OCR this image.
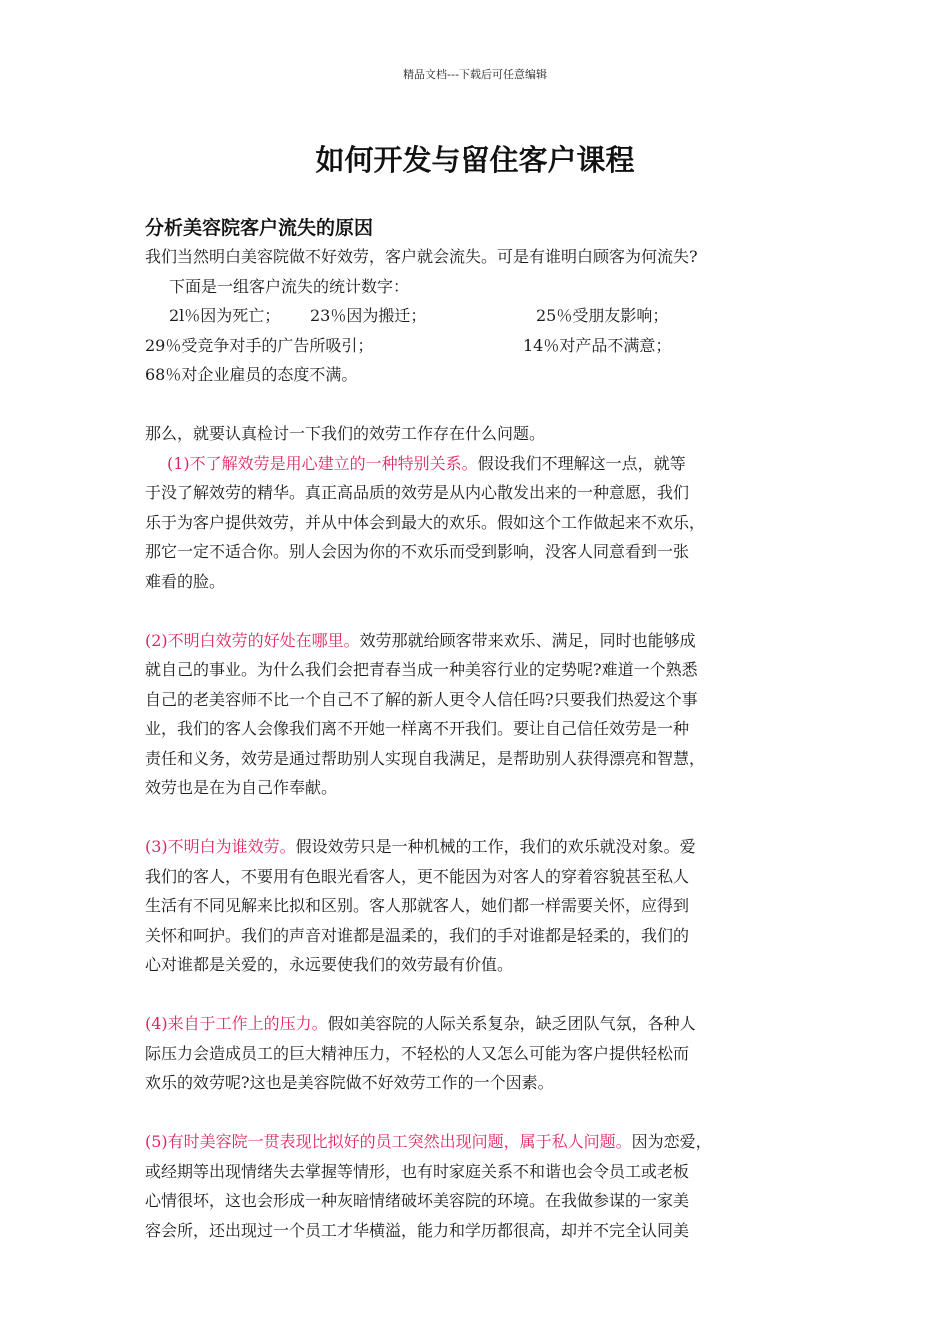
精品文档---下载后可任意编辑
如何开发与留住客户课程
分析美容院客户流失的原因
我们当然明白美容院做不好效劳，客户就会流失。可是有谁明白顾客为何流失?
下面是一组客户流失的统计数字：
2l％因为死亡； 23％因为搬迁；	25％受朋友影响；
29％受竞争对手的广告所吸引；	14％对产品不满意；
68％对企业雇员的态度不满。
那么，就要认真检讨一下我们的效劳工作存在什么问题。
(1)不了解效劳是用心建立的一种特别关系。假设我们不理解这一点，就等
于没了解效劳的精华。真正高品质的效劳是从内心散发出来的一种意愿，我们
乐于为客户提供效劳，并从中体会到最大的欢乐。假如这个工作做起来不欢乐，
那它一定不适合你。别人会因为你的不欢乐而受到影响，没客人同意看到一张
难看的脸。
(2)不明白效劳的好处在哪里。效劳那就给顾客带来欢乐、满足，同时也能够成
就自己的事业。为什么我们会把青春当成一种美容行业的定势呢?难道一个熟悉
自己的老美容师不比一个自己不了解的新人更令人信任吗?只要我们热爱这个事
业，我们的客人会像我们离不开她一样离不开我们。要让自己信任效劳是一种
责任和义务，效劳是通过帮助别人实现自我满足，是帮助别人获得漂亮和智慧，
效劳也是在为自己作奉献。
(3)不明白为谁效劳。假设效劳只是一种机械的工作，我们的欢乐就没对象。爱
我们的客人，不要用有色眼光看客人，更不能因为对客人的穿着容貌甚至私人
生活有不同见解来比拟和区别。客人那就客人，她们都一样需要关怀，应得到
关怀和呵护。我们的声音对谁都是温柔的，我们的手对谁都是轻柔的，我们的
心对谁都是关爱的，永远要使我们的效劳最有价值。
(4)来自于工作上的压力。假如美容院的人际关系复杂，缺乏团队气氛，各种人
际压力会造成员工的巨大精神压力，不轻松的人又怎么可能为客户提供轻松而
欢乐的效劳呢?这也是美容院做不好效劳工作的一个因素。
(5)有时美容院一贯表现比拟好的员工突然出现问题，属于私人问题。因为恋爱，
或经期等出现情绪失去掌握等情形，也有时家庭关系不和谐也会令员工或老板
心情很坏，这也会形成一种灰暗情绪破坏美容院的环境。在我做参谋的一家美
容会所，还出现过一个员工才华横溢，能力和学历都很高，却并不完全认同美
